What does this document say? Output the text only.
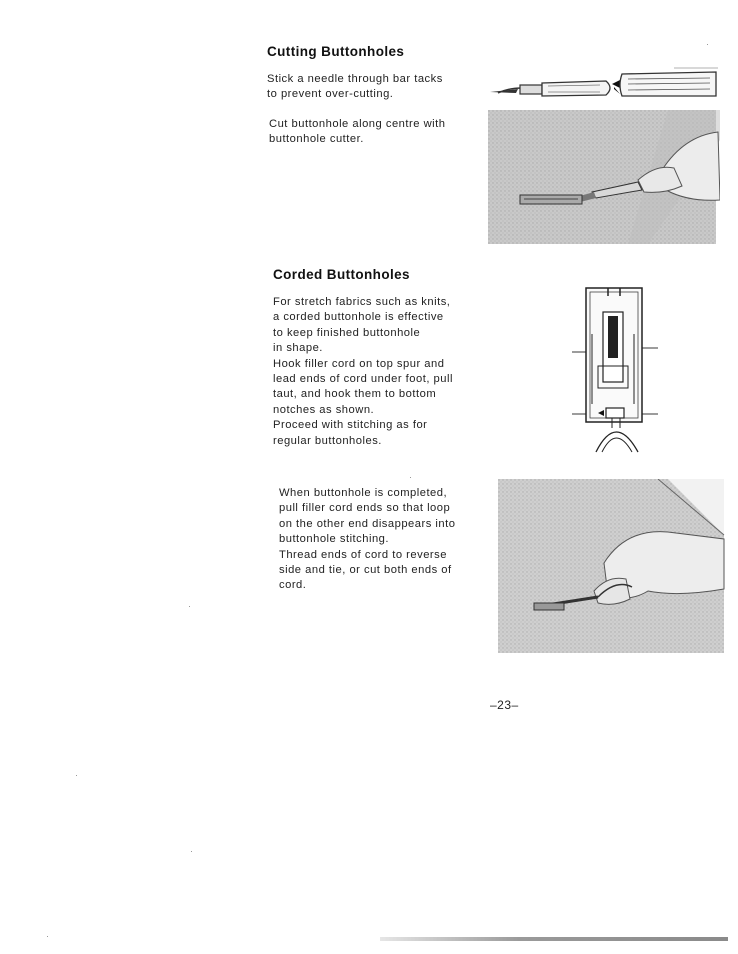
Cutting Buttonholes
Stick a needle through bar tacks
to prevent over-cutting.
Cut buttonhole along centre with
buttonhole cutter.
Corded Buttonholes
For stretch fabrics such as knits,
a corded buttonhole is effective
to keep finished buttonhole
in shape.
Hook filler cord on top spur and
lead ends of cord under foot, pull
taut, and hook them to bottom
notches as shown.
Proceed with stitching as for
regular buttonholes.
When buttonhole is completed,
pull filler cord ends so that loop
on the other end disappears into
buttonhole stitching.
Thread ends of cord to reverse
side and tie, or cut both ends of
cord.
–23–
